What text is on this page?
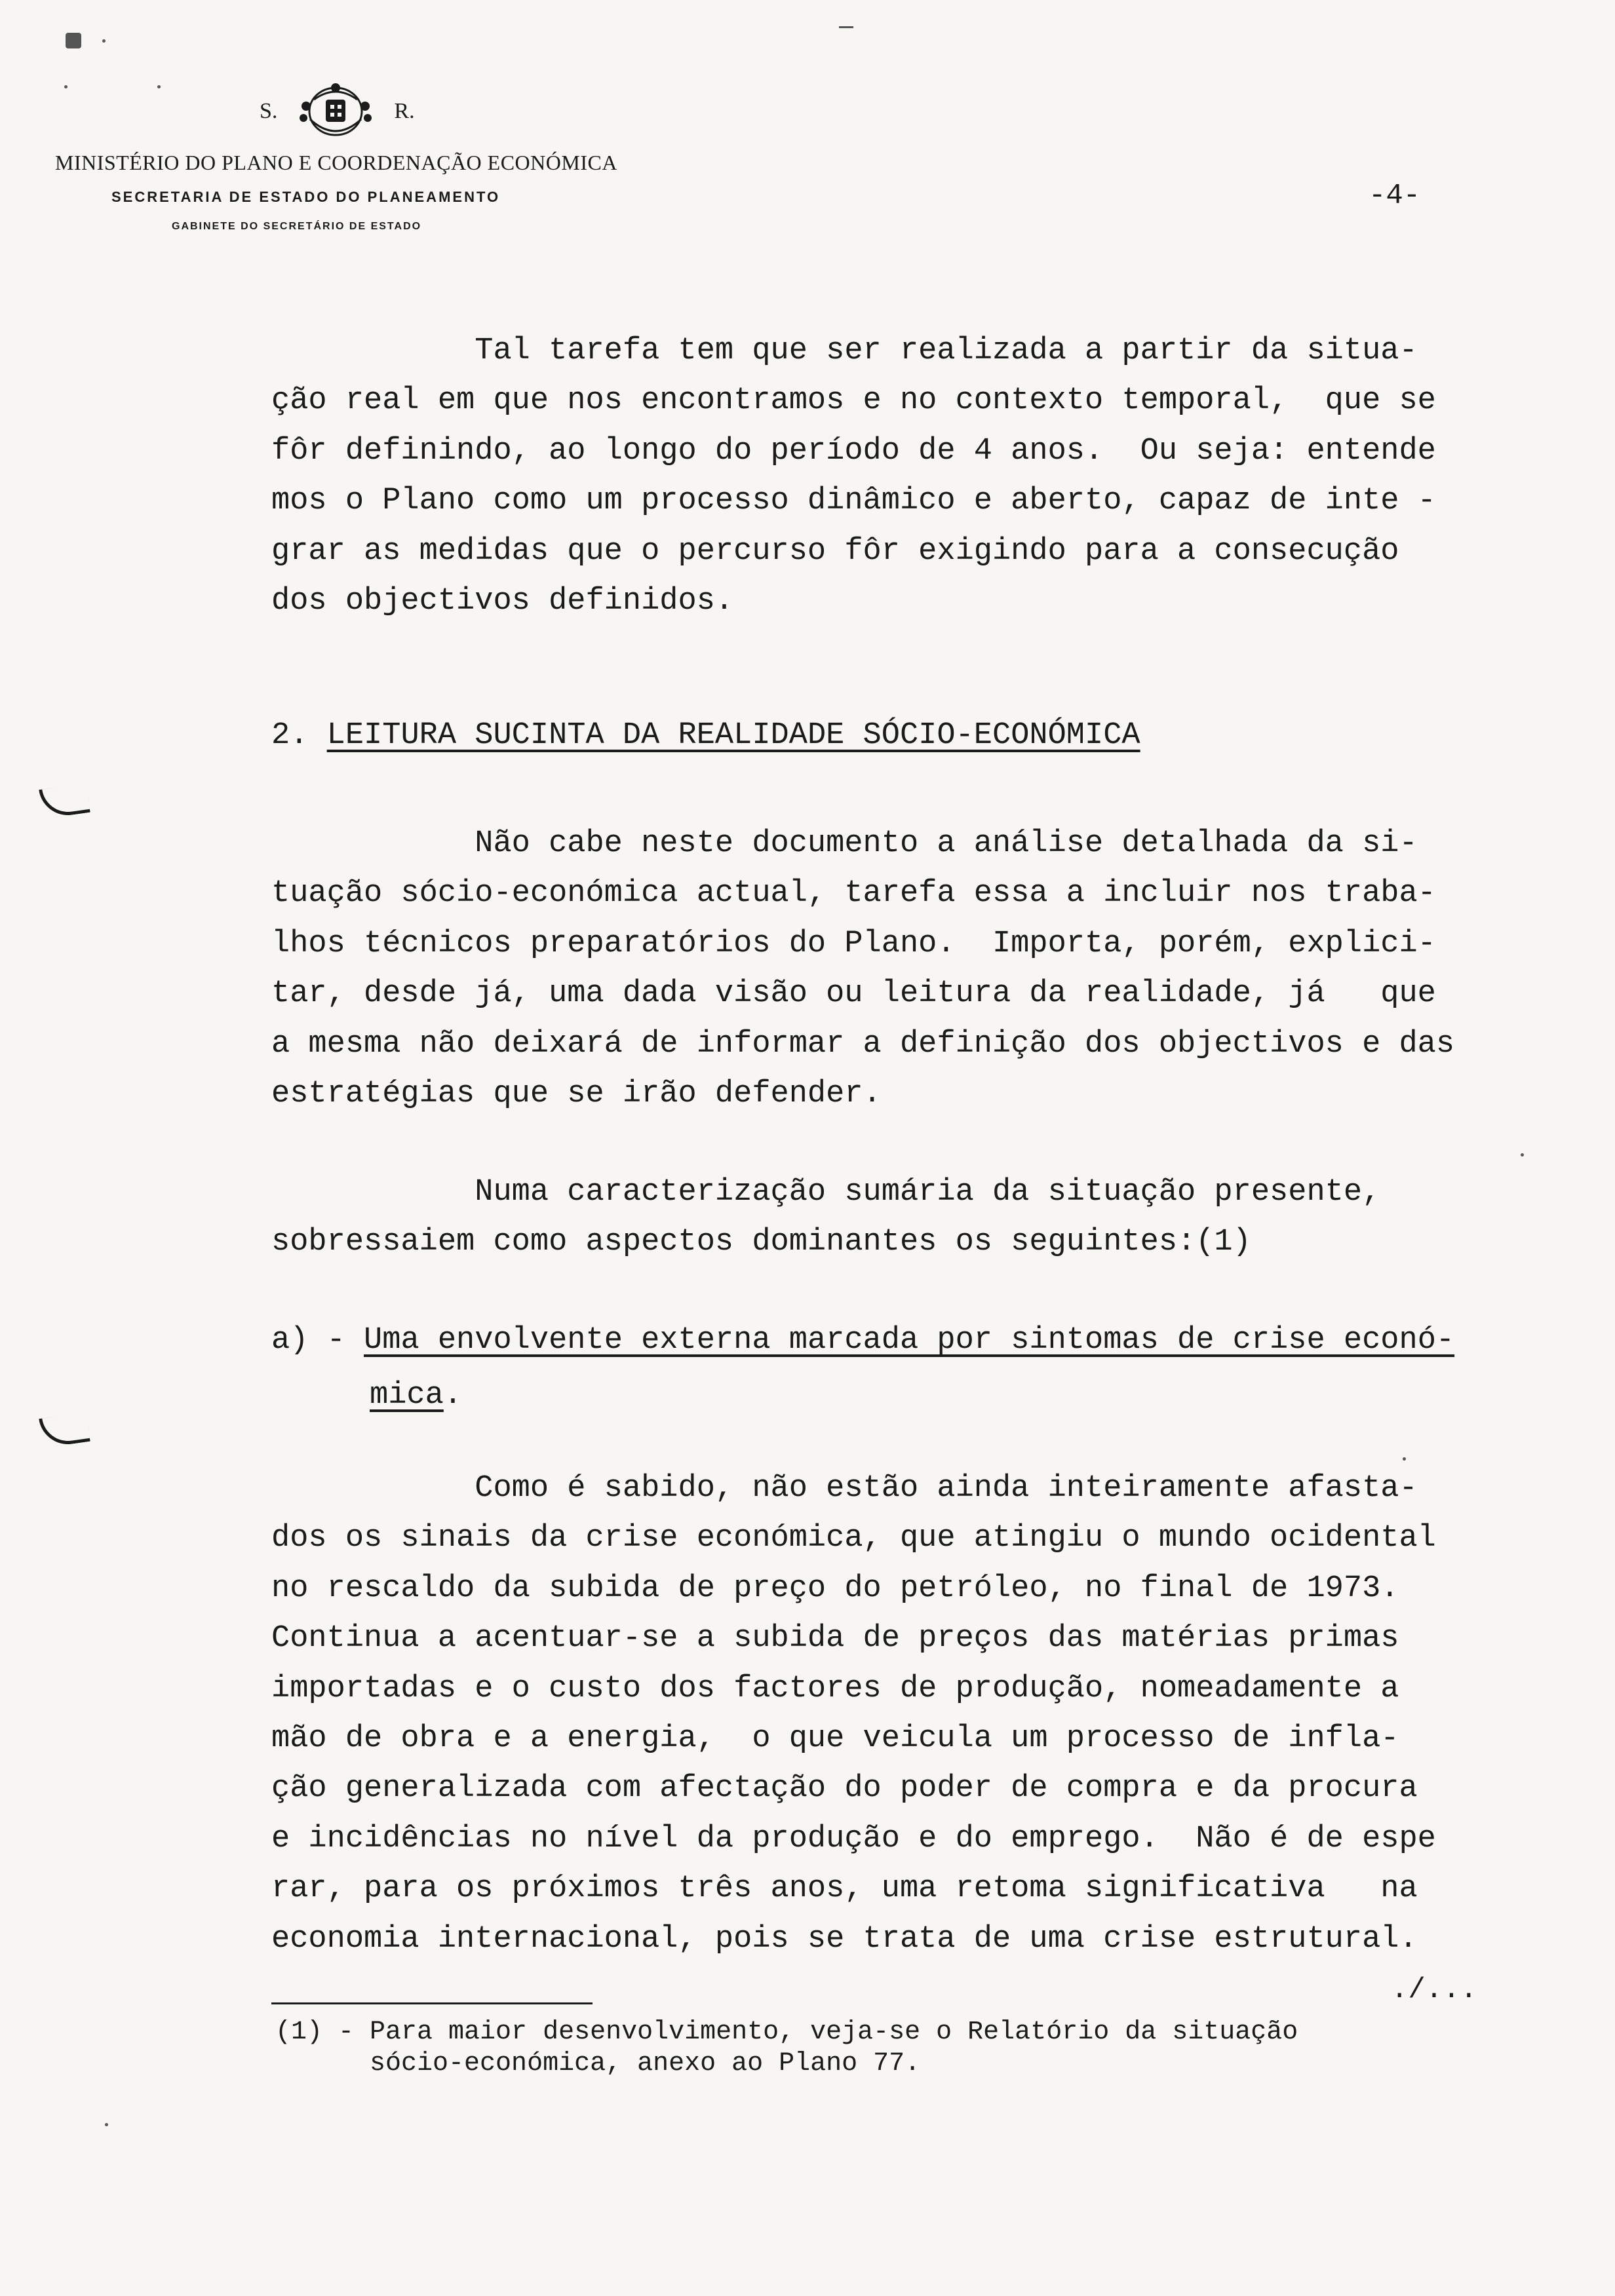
S.	R.
MINISTÉRIO DO PLANO E COORDENAÇÃO ECONÓMICA
SECRETARIA DE ESTADO DO PLANEAMENTO
GABINETE DO SECRETÁRIO DE ESTADO
-4-
Tal tarefa tem que ser realizada a partir da situa-
ção real em que nos encontramos e no contexto temporal,  que se
fôr definindo, ao longo do período de 4 anos.  Ou seja: entende
mos o Plano como um processo dinâmico e aberto, capaz de inte -
grar as medidas que o percurso fôr exigindo para a consecução
dos objectivos definidos.
2. LEITURA SUCINTA DA REALIDADE SÓCIO-ECONÓMICA
Não cabe neste documento a análise detalhada da si-
tuação sócio-económica actual, tarefa essa a incluir nos traba-
lhos técnicos preparatórios do Plano.  Importa, porém, explici-
tar, desde já, uma dada visão ou leitura da realidade, já   que
a mesma não deixará de informar a definição dos objectivos e das
estratégias que se irão defender.
Numa caracterização sumária da situação presente,
sobressaiem como aspectos dominantes os seguintes:(1)
a) - Uma envolvente externa marcada por sintomas de crise econó-
mica.
Como é sabido, não estão ainda inteiramente afasta-
dos os sinais da crise económica, que atingiu o mundo ocidental
no rescaldo da subida de preço do petróleo, no final de 1973.
Continua a acentuar-se a subida de preços das matérias primas
importadas e o custo dos factores de produção, nomeadamente a
mão de obra e a energia,  o que veicula um processo de infla-
ção generalizada com afectação do poder de compra e da procura
e incidências no nível da produção e do emprego.  Não é de espe
rar, para os próximos três anos, uma retoma significativa   na
economia internacional, pois se trata de uma crise estrutural.
./...
(1) - Para maior desenvolvimento, veja-se o Relatório da situação
sócio-económica, anexo ao Plano 77.
